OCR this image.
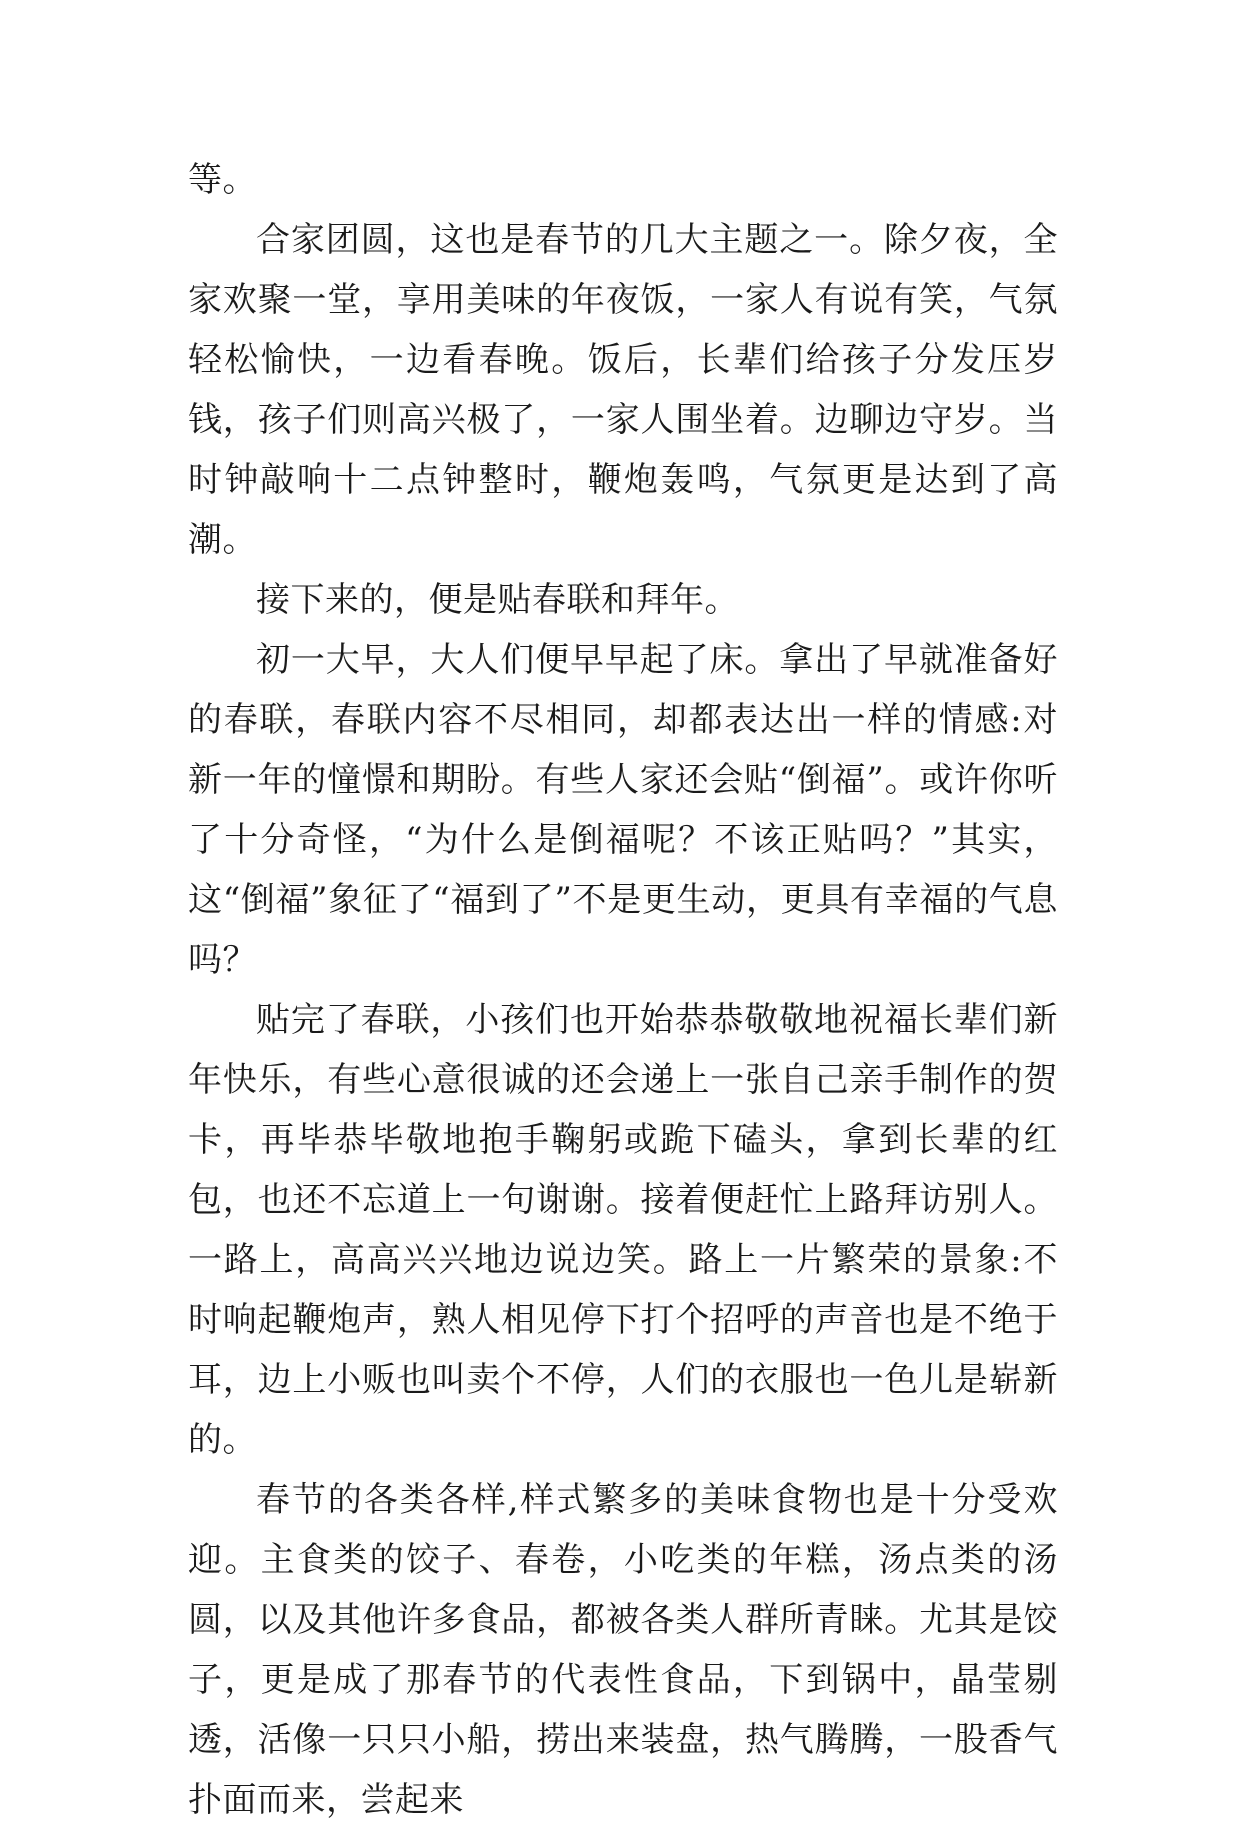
等。

合家团圆，这也是春节的几大主题之一。除夕夜，全家欢聚一堂，享用美味的年夜饭，一家人有说有笑，气氛轻松愉快，一边看春晚。饭后，长辈们给孩子分发压岁钱，孩子们则高兴极了，一家人围坐着。边聊边守岁。当时钟敲响十二点钟整时，鞭炮轰鸣，气氛更是达到了高潮。

接下来的，便是贴春联和拜年。

初一大早，大人们便早早起了床。拿出了早就准备好的春联，春联内容不尽相同，却都表达出一样的情感:对新一年的憧憬和期盼。有些人家还会贴“倒福”。或许你听了十分奇怪，“为什么是倒福呢？不该正贴吗？”其实，这“倒福”象征了“福到了”不是更生动，更具有幸福的气息吗？

贴完了春联，小孩们也开始恭恭敬敬地祝福长辈们新年快乐，有些心意很诚的还会递上一张自己亲手制作的贺卡，再毕恭毕敬地抱手鞠躬或跪下磕头，拿到长辈的红包，也还不忘道上一句谢谢。接着便赶忙上路拜访别人。一路上，高高兴兴地边说边笑。路上一片繁荣的景象:不时响起鞭炮声，熟人相见停下打个招呼的声音也是不绝于耳，边上小贩也叫卖个不停，人们的衣服也一色儿是崭新的。

春节的各类各样,样式繁多的美味食物也是十分受欢迎。主食类的饺子、春卷，小吃类的年糕，汤点类的汤圆，以及其他许多食品，都被各类人群所青睐。尤其是饺子，更是成了那春节的代表性食品，下到锅中，晶莹剔透，活像一只只小船，捞出来装盘，热气腾腾，一股香气扑面而来，尝起来
